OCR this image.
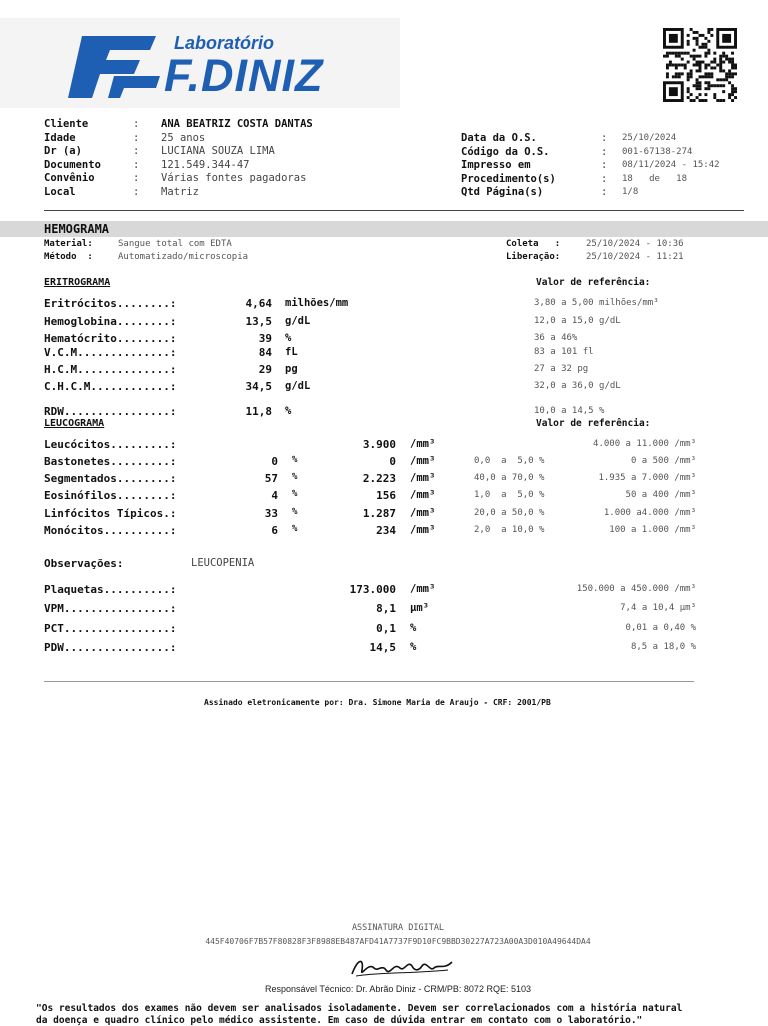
Laboratório
F.DINIZ
Cliente	: ANA BEATRIZ COSTA DANTAS
Idade	: 25 anos
Dr (a)	: LUCIANA SOUZA LIMA
Documento	: 121.549.344-47
Convênio	: Várias fontes pagadoras
Local	: Matriz
Data da O.S.	: 25/10/2024
Código da O.S.	: 001-67138-274
Impresso em	: 08/11/2024 - 15:42
Procedimento(s)	: 18   de   18
Qtd Página(s)	: 1/8
HEMOGRAMA
Material:	Sangue total com EDTA
Método  :	Automatizado/microscopia
Coleta   :	25/10/2024 - 10:36
Liberação:	25/10/2024 - 11:21
ERITROGRAMA	Valor de referência:
Eritrócitos........:	4,64 milhões/mm	3,80 a 5,00 milhões/mm³
Hemoglobina........:	13,5 g/dL	12,0 a 15,0 g/dL
Hematócrito........:	39 %	36 a 46%
V.C.M..............:	84 fL	83 a 101 fl
H.C.M..............:	29 pg	27 a 32 pg
C.H.C.M............:	34,5 g/dL	32,0 a 36,0 g/dL
RDW................:	11,8 %	10,0 a 14,5 %
LEUCOGRAMA	Valor de referência:
Leucócitos.........:	3.900 /mm³	4.000 a 11.000 /mm³
Bastonetes.........:	0 %	0 /mm³	0,0  a  5,0 %	0 a 500 /mm³
Segmentados........:	57 %	2.223 /mm³	40,0 a 70,0 %	1.935 a 7.000 /mm³
Eosinófilos........:	4 %	156 /mm³	1,0  a  5,0 %	50 a 400 /mm³
Linfócitos Típicos.:	33 %	1.287 /mm³	20,0 a 50,0 %	1.000 a4.000 /mm³
Monócitos..........:	6 %	234 /mm³	2,0  a 10,0 %	100 a 1.000 /mm³
Observações:	LEUCOPENIA
Plaquetas..........:	173.000 /mm³	150.000 a 450.000 /mm³
VPM................:	8,1 µm³	7,4 a 10,4 µm³
PCT................:	0,1 %	0,01 a 0,40 %
PDW................:	14,5 %	8,5 a 18,0 %
Assinado eletronicamente por: Dra. Simone Maria de Araujo - CRF: 2001/PB
ASSINATURA DIGITAL
445F40706F7B57F80828F3F8988EB487AFD41A7737F9D10FC9BBD30227A723A00A3D010A49644DA4
Responsável Técnico: Dr. Abrão Diniz - CRM/PB: 8072 RQE: 5103
"Os resultados dos exames não devem ser analisados isoladamente. Devem ser correlacionados com a história natural
da doença e quadro clínico pelo médico assistente. Em caso de dúvida entrar em contato com o laboratório."
